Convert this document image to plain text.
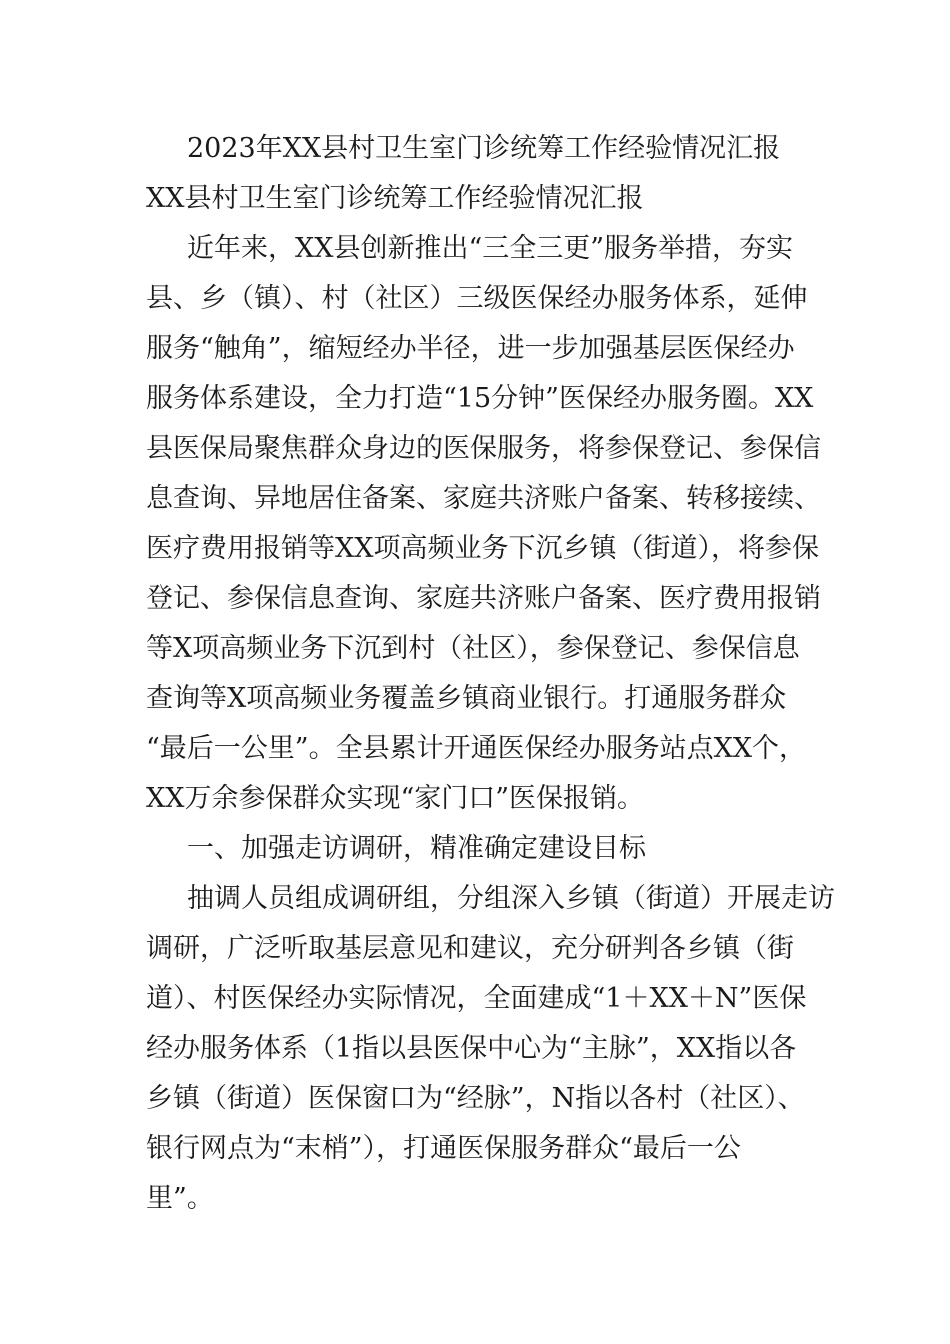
2023年XX县村卫生室门诊统筹工作经验情况汇报
XX县村卫生室门诊统筹工作经验情况汇报
近年来，XX县创新推出“三全三更”服务举措，夯实
县、乡（镇）、村（社区）三级医保经办服务体系，延伸
服务“触角”，缩短经办半径，进一步加强基层医保经办
服务体系建设，全力打造“15分钟”医保经办服务圈。XX
县医保局聚焦群众身边的医保服务，将参保登记、参保信
息查询、异地居住备案、家庭共济账户备案、转移接续、
医疗费用报销等XX项高频业务下沉乡镇（街道），将参保
登记、参保信息查询、家庭共济账户备案、医疗费用报销
等X项高频业务下沉到村（社区），参保登记、参保信息
查询等X项高频业务覆盖乡镇商业银行。打通服务群众
“最后一公里”。全县累计开通医保经办服务站点XX个，
XX万余参保群众实现“家门口”医保报销。
一、加强走访调研，精准确定建设目标
抽调人员组成调研组，分组深入乡镇（街道）开展走访
调研，广泛听取基层意见和建议，充分研判各乡镇（街
道）、村医保经办实际情况，全面建成“1＋XX＋N”医保
经办服务体系（1指以县医保中心为“主脉”，XX指以各
乡镇（街道）医保窗口为“经脉”，N指以各村（社区）、
银行网点为“末梢”），打通医保服务群众“最后一公
里”。
